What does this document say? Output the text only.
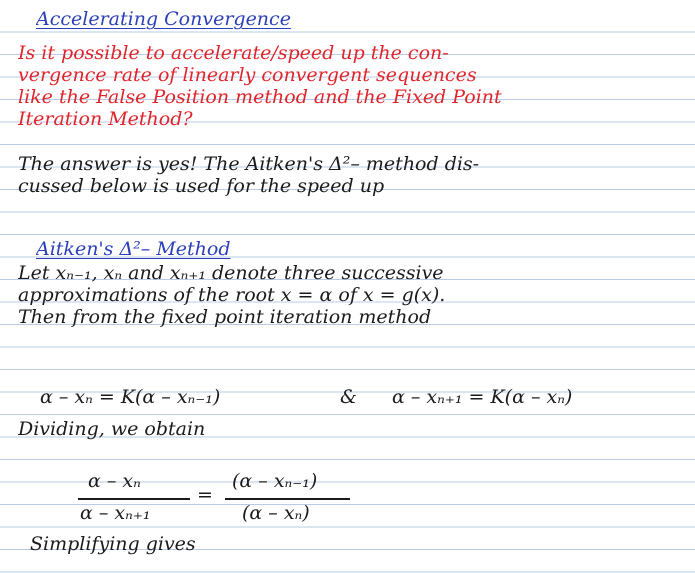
Accelerating Convergence
Is it possible to accelerate/speed up the con-
vergence rate of linearly convergent sequences
like the False Position method and the Fixed Point
Iteration Method?
The answer is yes! The Aitken's Δ²– method dis-
cussed below is used for the speed up
Aitken's Δ²– Method
Let xₙ₋₁, xₙ and xₙ₊₁ denote three successive
approximations of the root x = α of x = g(x).
Then from the fixed point iteration method
α – xₙ = K(α – xₙ₋₁)	& α – xₙ₊₁ = K(α – xₙ)
Dividing, we obtain
α – xₙ
α – xₙ₊₁
=
(α – xₙ₋₁)
(α – xₙ)
Simplifying gives
